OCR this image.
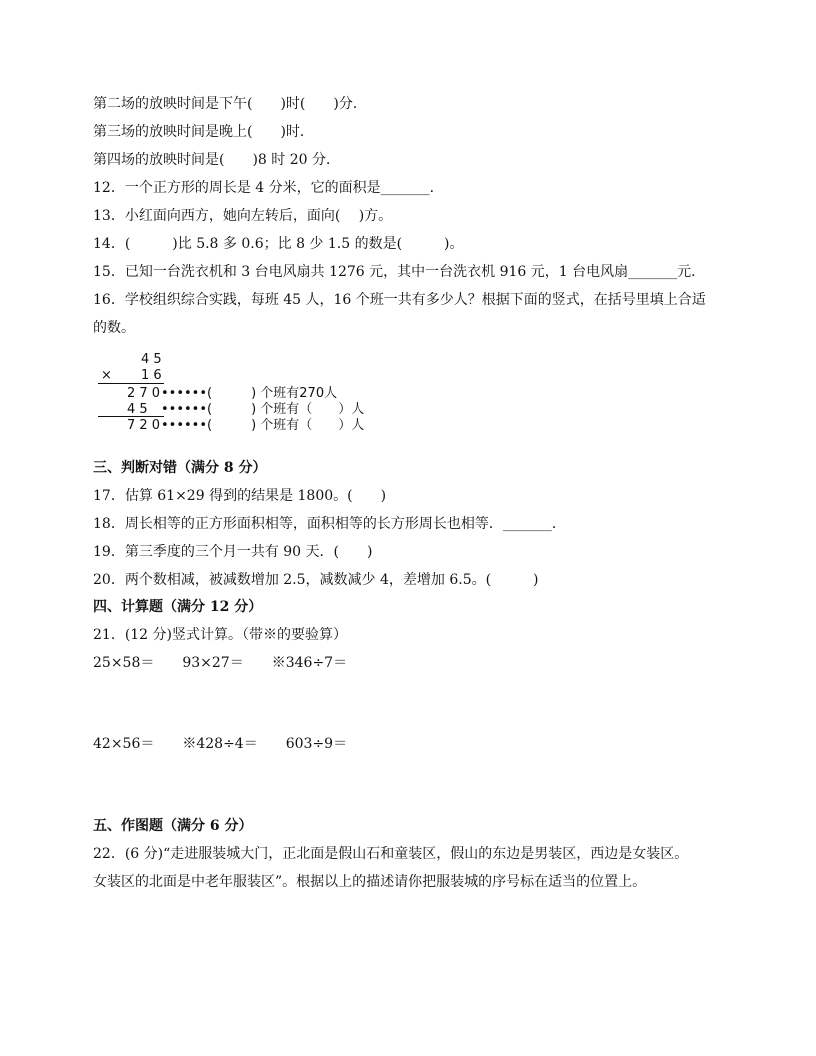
第二场的放映时间是下午(　　)时(　　)分．
第三场的放映时间是晚上(　　)时．
第四场的放映时间是(　　)8 时 20 分．
12．一个正方形的周长是 4 分米，它的面积是_______．
13．小红面向西方，她向左转后，面向(　 )方。
14．(　　　)比 5.8 多 0.6；比 8 少 1.5 的数是(　　　)。
15．已知一台洗衣机和 3 台电风扇共 1276 元，其中一台洗衣机 916 元，1 台电风扇_______元．
16．学校组织综合实践，每班 45 人，16 个班一共有多少人？根据下面的竖式，在括号里填上合适
的数。
4 5
× 1 6
2 7 0 ••••••(　　　) 个班有270人
4 5 ••••••(　　　) 个班有（　　）人
7 2 0 ••••••(　　　) 个班有（　　）人
三、判断对错（满分 8 分）
17．估算 61×29 得到的结果是 1800。(　　)
18．周长相等的正方形面积相等，面积相等的长方形周长也相等．_______．
19．第三季度的三个月一共有 90 天．(　　)
20．两个数相减，被减数增加 2.5，减数减少 4，差增加 6.5。(　　　)
四、计算题（满分 12 分）
21．(12 分)竖式计算。（带※的要验算）
25×58＝　　93×27＝　　※346÷7＝
42×56＝　　※428÷4＝　　603÷9＝
五、作图题（满分 6 分）
22．(6 分)“走进服装城大门，正北面是假山石和童装区，假山的东边是男装区，西边是女装区。
女装区的北面是中老年服装区”。根据以上的描述请你把服装城的序号标在适当的位置上。
